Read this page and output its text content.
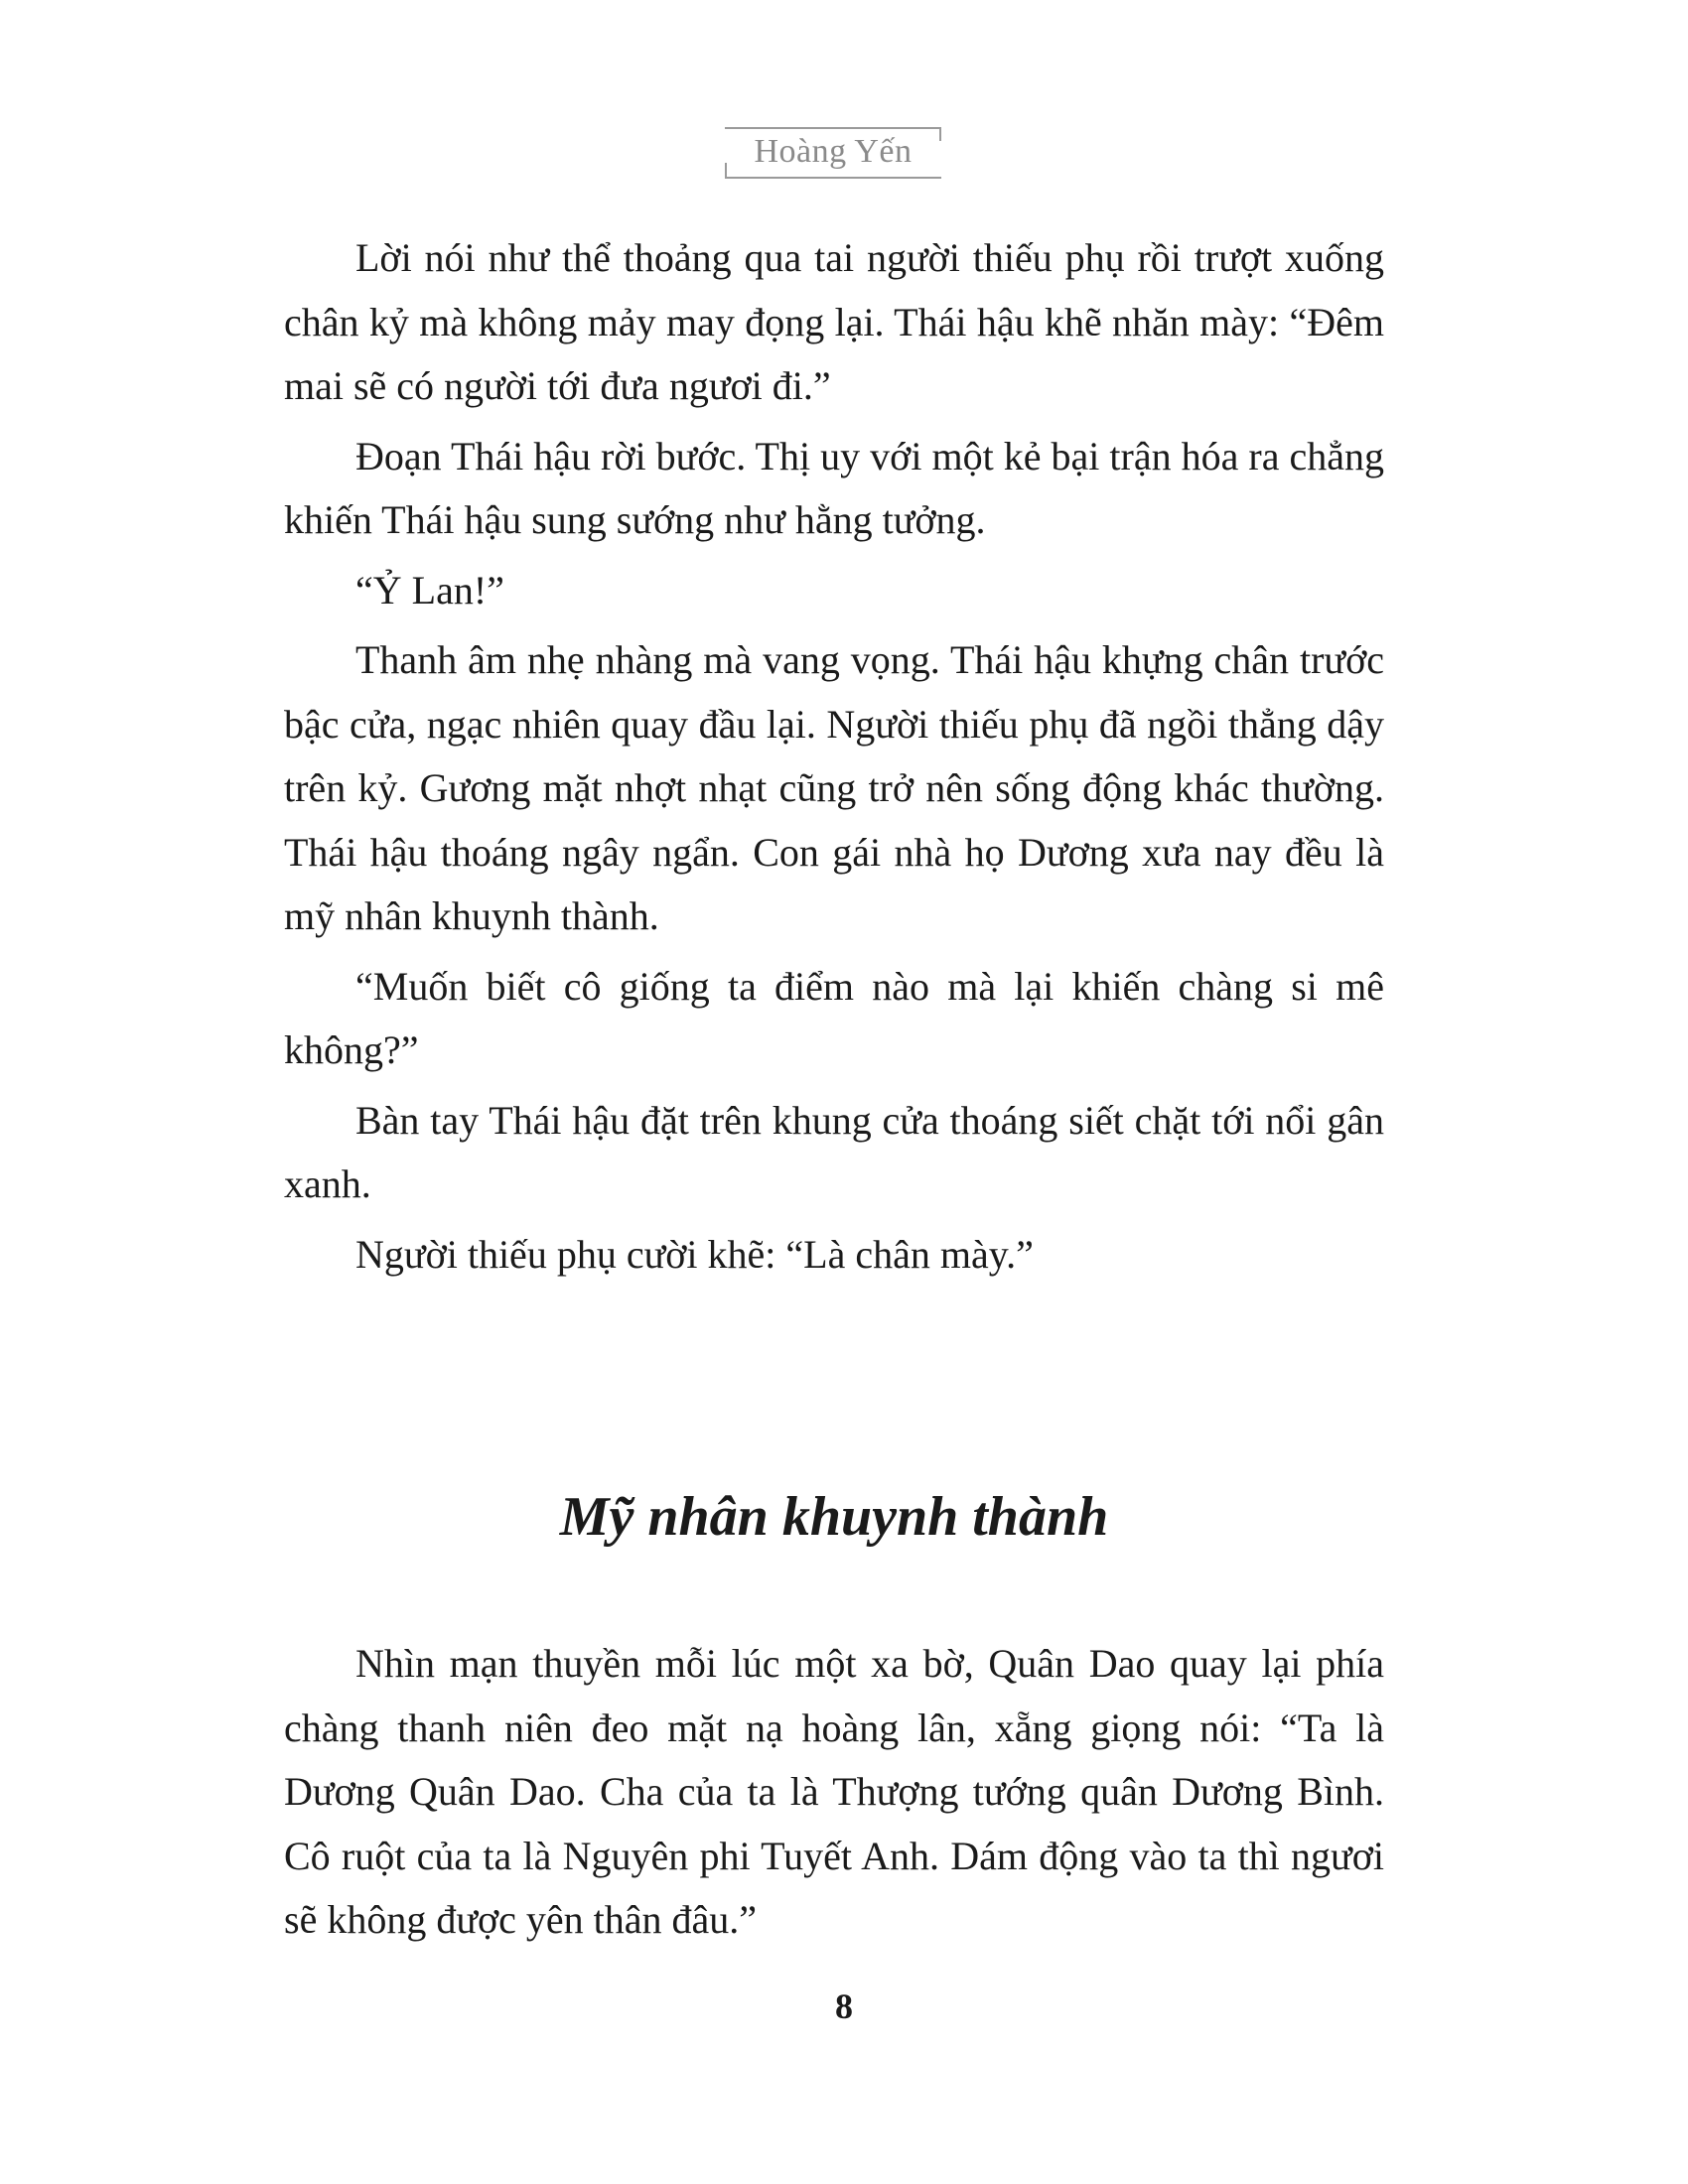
Hoàng Yến

Lời nói như thể thoảng qua tai người thiếu phụ rồi trượt xuống chân kỷ mà không mảy may đọng lại. Thái hậu khẽ nhăn mày: “Đêm mai sẽ có người tới đưa ngươi đi.”

Đoạn Thái hậu rời bước. Thị uy với một kẻ bại trận hóa ra chẳng khiến Thái hậu sung sướng như hằng tưởng.

“Ỷ Lan!”

Thanh âm nhẹ nhàng mà vang vọng. Thái hậu khựng chân trước bậc cửa, ngạc nhiên quay đầu lại. Người thiếu phụ đã ngồi thẳng dậy trên kỷ. Gương mặt nhợt nhạt cũng trở nên sống động khác thường. Thái hậu thoáng ngây ngẩn. Con gái nhà họ Dương xưa nay đều là mỹ nhân khuynh thành.

“Muốn biết cô giống ta điểm nào mà lại khiến chàng si mê không?”

Bàn tay Thái hậu đặt trên khung cửa thoáng siết chặt tới nổi gân xanh.

Người thiếu phụ cười khẽ: “Là chân mày.”

Mỹ nhân khuynh thành

Nhìn mạn thuyền mỗi lúc một xa bờ, Quân Dao quay lại phía chàng thanh niên đeo mặt nạ hoàng lân, xẵng giọng nói: “Ta là Dương Quân Dao. Cha của ta là Thượng tướng quân Dương Bình. Cô ruột của ta là Nguyên phi Tuyết Anh. Dám động vào ta thì ngươi sẽ không được yên thân đâu.”

8
